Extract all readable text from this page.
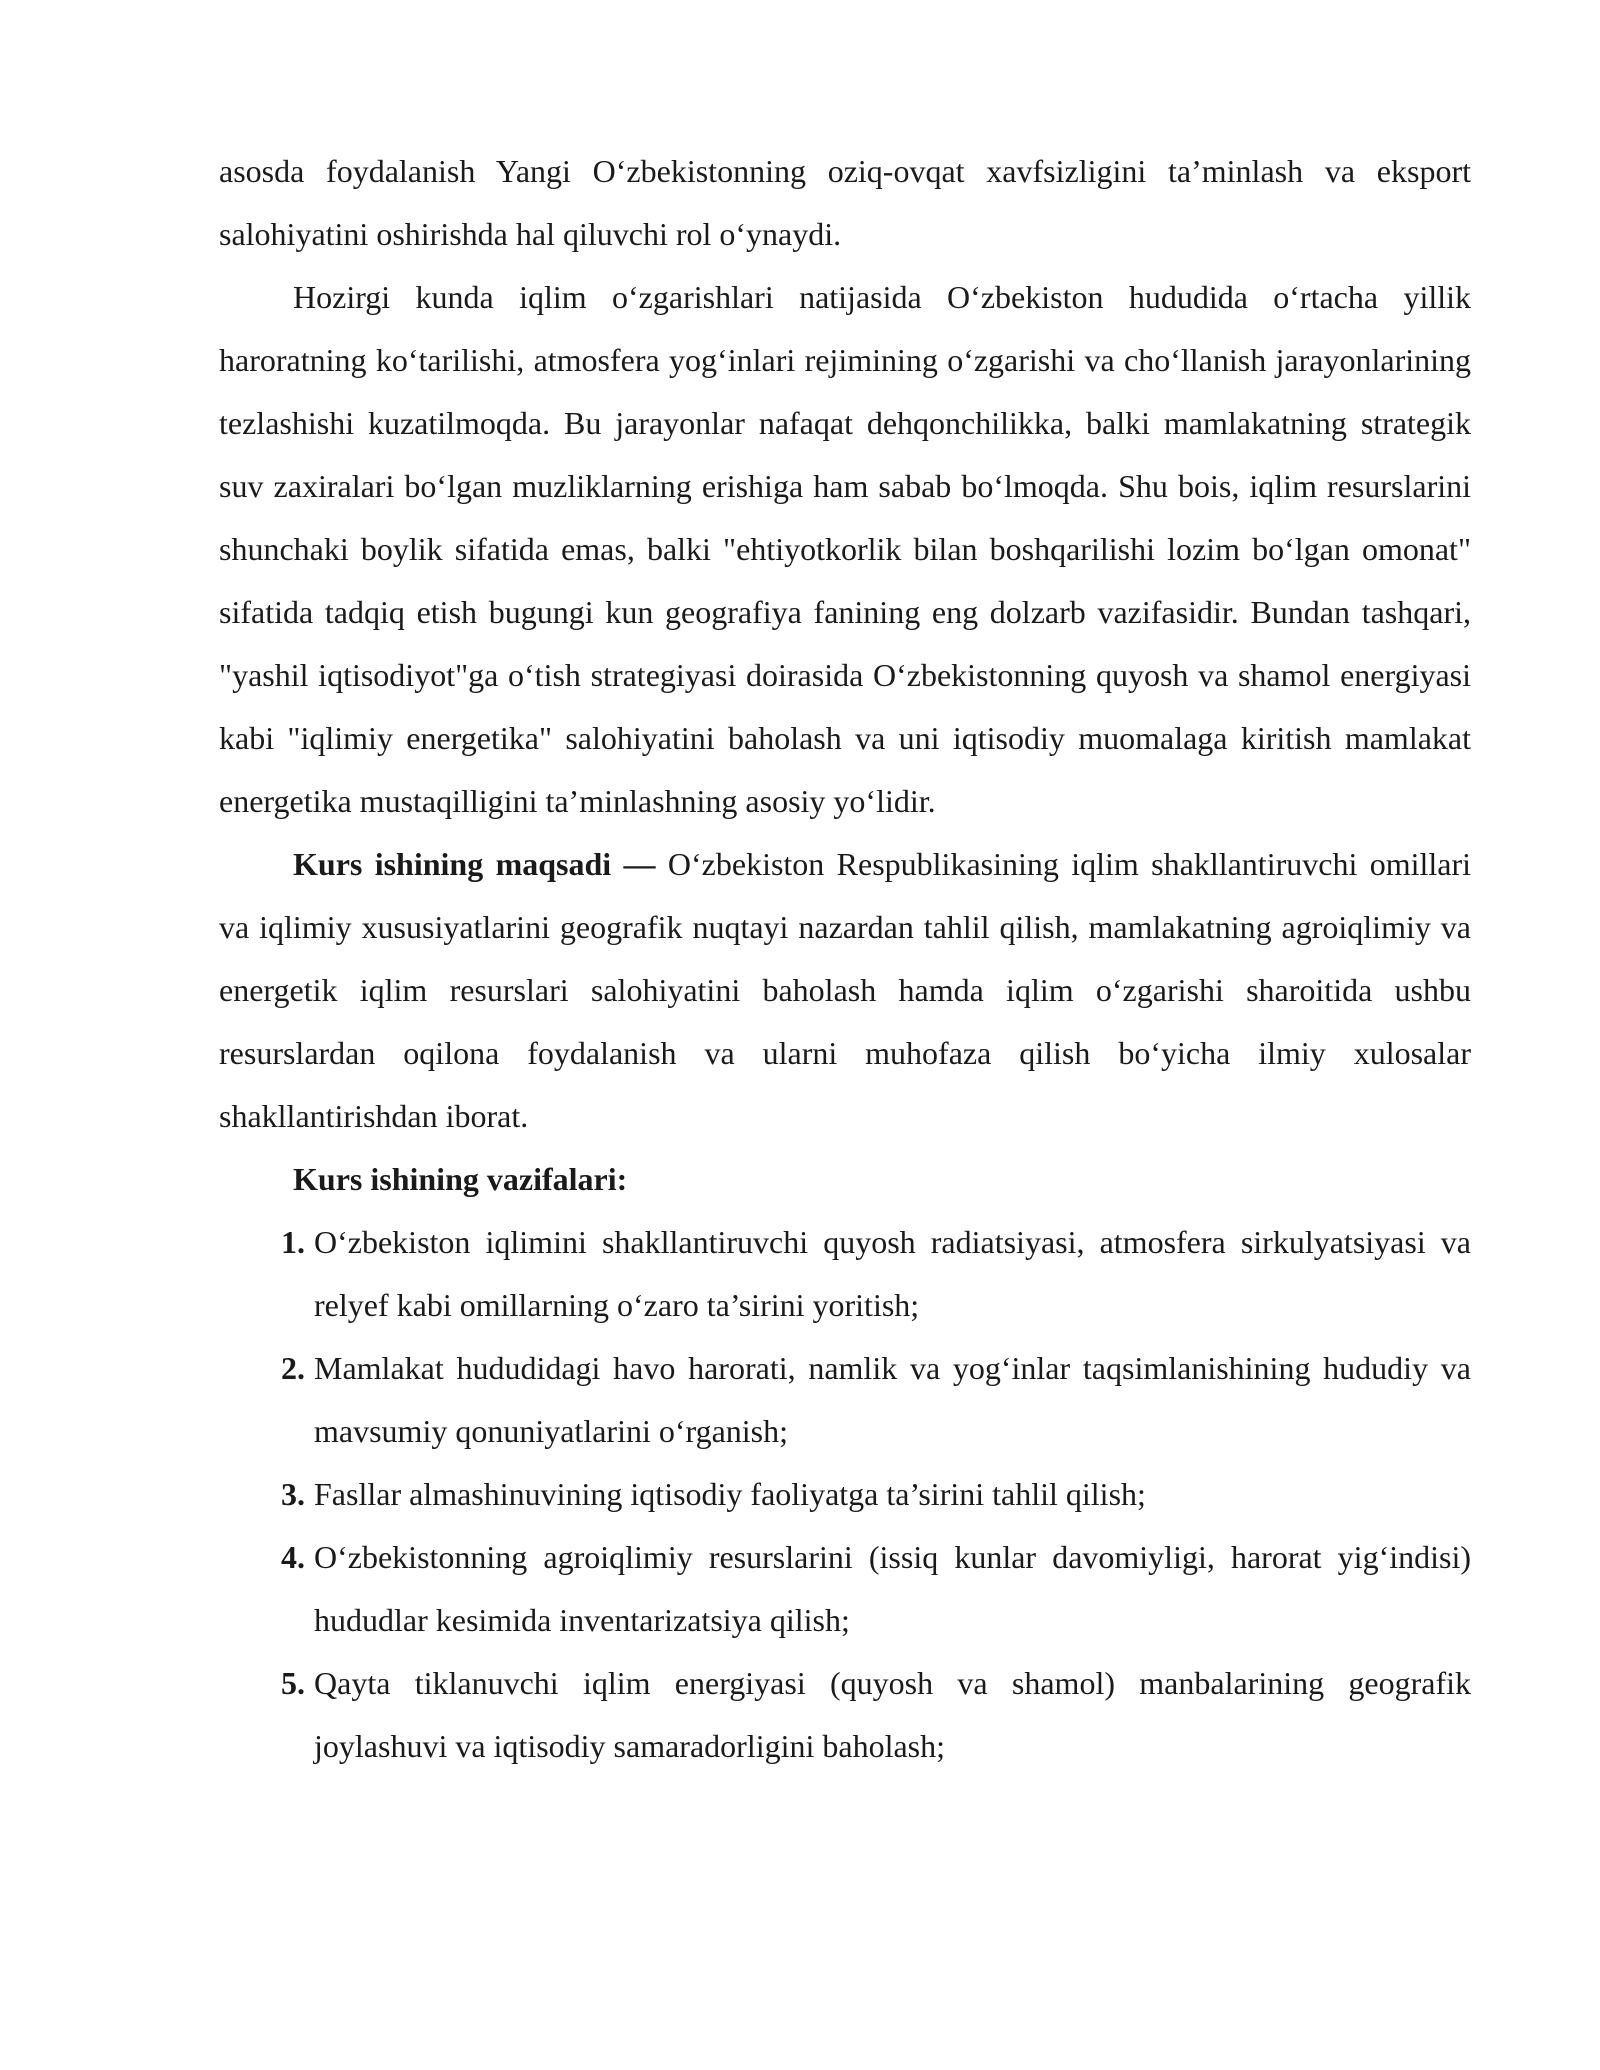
asosda foydalanish Yangi O‘zbekistonning oziq-ovqat xavfsizligini ta’minlash va eksport salohiyatini oshirishda hal qiluvchi rol o‘ynaydi.

Hozirgi kunda iqlim o‘zgarishlari natijasida O‘zbekiston hududida o‘rtacha yillik haroratning ko‘tarilishi, atmosfera yog‘inlari rejimining o‘zgarishi va cho‘llanish jarayonlarining tezlashishi kuzatilmoqda. Bu jarayonlar nafaqat dehqonchilikka, balki mamlakatning strategik suv zaxiralari bo‘lgan muzliklarning erishiga ham sabab bo‘lmoqda. Shu bois, iqlim resurslarini shunchaki boylik sifatida emas, balki "ehtiyotkorlik bilan boshqarilishi lozim bo‘lgan omonat" sifatida tadqiq etish bugungi kun geografiya fanining eng dolzarb vazifasidir. Bundan tashqari, "yashil iqtisodiyot"ga o‘tish strategiyasi doirasida O‘zbekistonning quyosh va shamol energiyasi kabi "iqlimiy energetika" salohiyatini baholash va uni iqtisodiy muomalaga kiritish mamlakat energetika mustaqilligini ta’minlashning asosiy yo‘lidir.

Kurs ishining maqsadi — O‘zbekiston Respublikasining iqlim shakllantiruvchi omillari va iqlimiy xususiyatlarini geografik nuqtayi nazardan tahlil qilish, mamlakatning agroiqlimiy va energetik iqlim resurslari salohiyatini baholash hamda iqlim o‘zgarishi sharoitida ushbu resurslardan oqilona foydalanish va ularni muhofaza qilish bo‘yicha ilmiy xulosalar shakllantirishdan iborat.

Kurs ishining vazifalari:

1. O‘zbekiston iqlimini shakllantiruvchi quyosh radiatsiyasi, atmosfera sirkulyatsiyasi va relyef kabi omillarning o‘zaro ta’sirini yoritish;
2. Mamlakat hududidagi havo harorati, namlik va yog‘inlar taqsimlanishining hududiy va mavsumiy qonuniyatlarini o‘rganish;
3. Fasllar almashinuvining iqtisodiy faoliyatga ta’sirini tahlil qilish;
4. O‘zbekistonning agroiqlimiy resurslarini (issiq kunlar davomiyligi, harorat yig‘indisi) hududlar kesimida inventarizatsiya qilish;
5. Qayta tiklanuvchi iqlim energiyasi (quyosh va shamol) manbalarining geografik joylashuvi va iqtisodiy samaradorligini baholash;
